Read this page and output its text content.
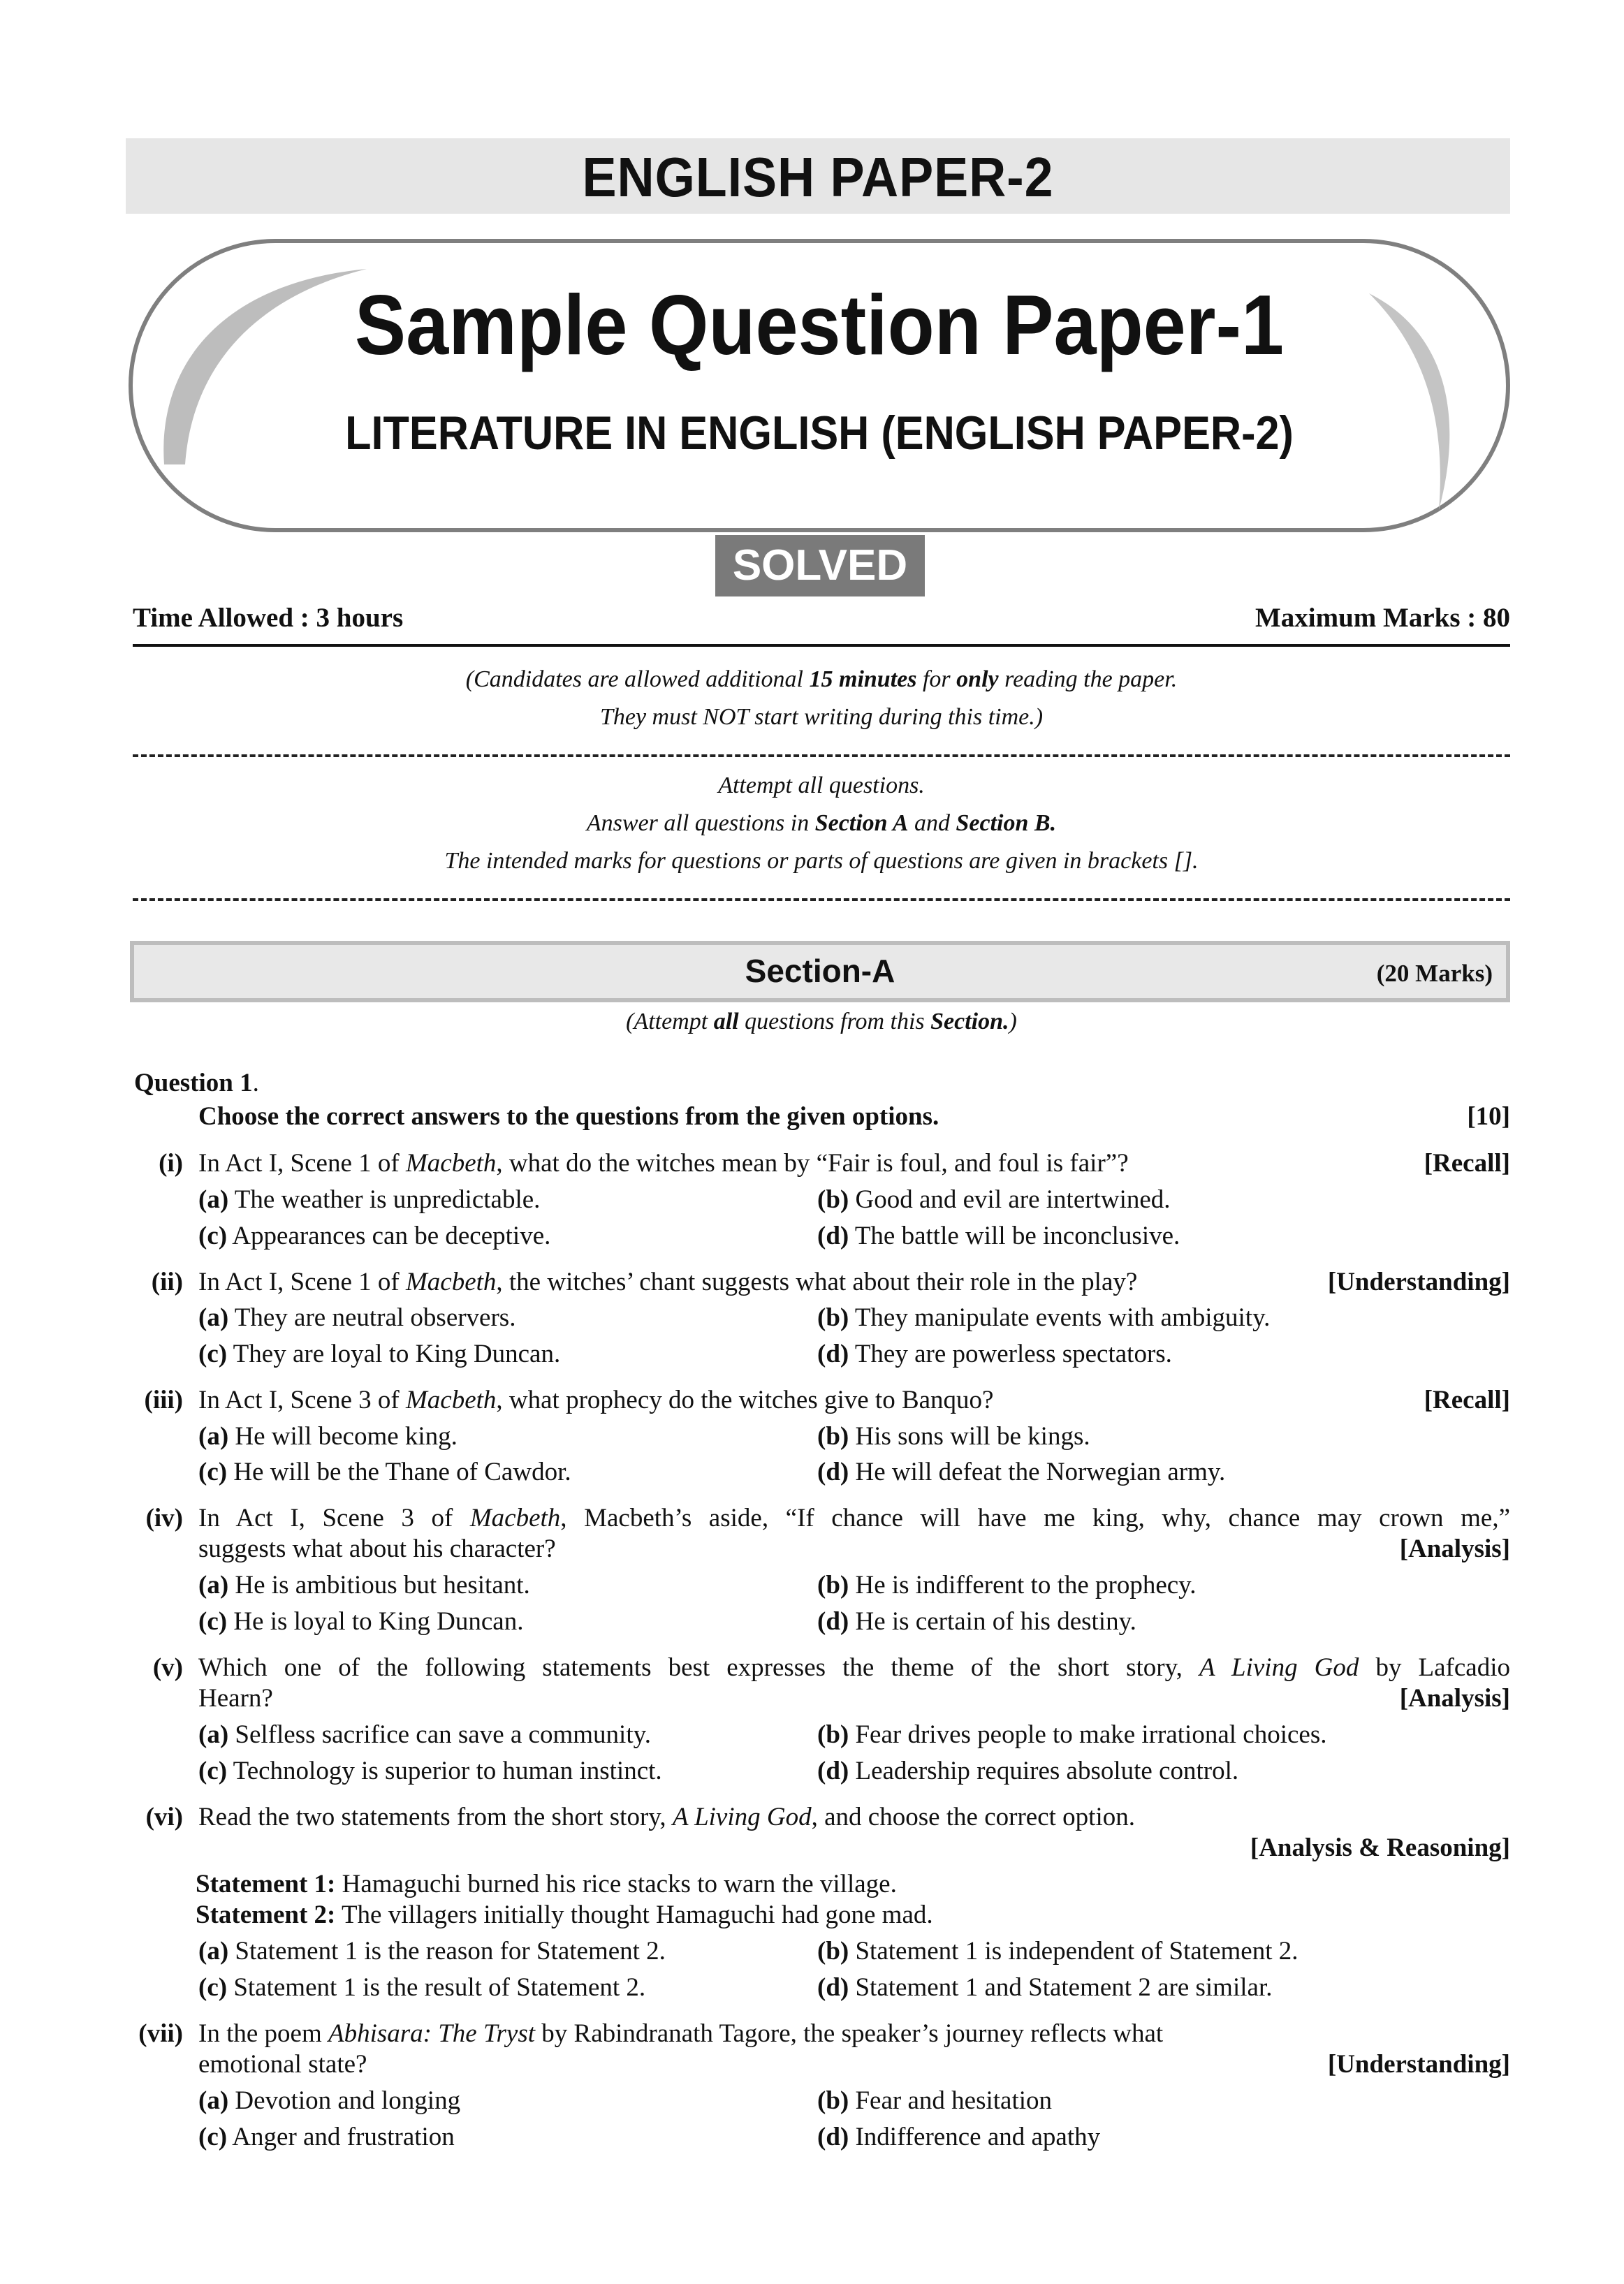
ENGLISH PAPER-2
Sample Question Paper-1
LITERATURE IN ENGLISH (ENGLISH PAPER-2)
SOLVED
Time Allowed : 3 hours	Maximum Marks : 80
(Candidates are allowed additional 15 minutes for only reading the paper.
They must NOT start writing during this time.)
Attempt all questions.
Answer all questions in Section A and Section B.
The intended marks for questions or parts of questions are given in brackets [].
Section-A	(20 Marks)
(Attempt all questions from this Section.)
Question 1.
Choose the correct answers to the questions from the given options.	[10]
(i) In Act I, Scene 1 of Macbeth, what do the witches mean by “Fair is foul, and foul is fair”?	[Recall]
(a) The weather is unpredictable.	(b) Good and evil are intertwined.
(c) Appearances can be deceptive.	(d) The battle will be inconclusive.
(ii) In Act I, Scene 1 of Macbeth, the witches’ chant suggests what about their role in the play?	[Understanding]
(a) They are neutral observers.	(b) They manipulate events with ambiguity.
(c) They are loyal to King Duncan.	(d) They are powerless spectators.
(iii) In Act I, Scene 3 of Macbeth, what prophecy do the witches give to Banquo?	[Recall]
(a) He will become king.	(b) His sons will be kings.
(c) He will be the Thane of Cawdor.	(d) He will defeat the Norwegian army.
(iv) In Act I, Scene 3 of Macbeth, Macbeth’s aside, “If chance will have me king, why, chance may crown me,”
suggests what about his character?	[Analysis]
(a) He is ambitious but hesitant.	(b) He is indifferent to the prophecy.
(c) He is loyal to King Duncan.	(d) He is certain of his destiny.
(v) Which one of the following statements best expresses the theme of the short story, A Living God by Lafcadio
Hearn?	[Analysis]
(a) Selfless sacrifice can save a community.	(b) Fear drives people to make irrational choices.
(c) Technology is superior to human instinct.	(d) Leadership requires absolute control.
(vi) Read the two statements from the short story, A Living God, and choose the correct option.
[Analysis & Reasoning]
Statement 1: Hamaguchi burned his rice stacks to warn the village.
Statement 2: The villagers initially thought Hamaguchi had gone mad.
(a) Statement 1 is the reason for Statement 2.	(b) Statement 1 is independent of Statement 2.
(c) Statement 1 is the result of Statement 2.	(d) Statement 1 and Statement 2 are similar.
(vii) In the poem Abhisara: The Tryst by Rabindranath Tagore, the speaker’s journey reflects what
emotional state?	[Understanding]
(a) Devotion and longing	(b) Fear and hesitation
(c) Anger and frustration	(d) Indifference and apathy
